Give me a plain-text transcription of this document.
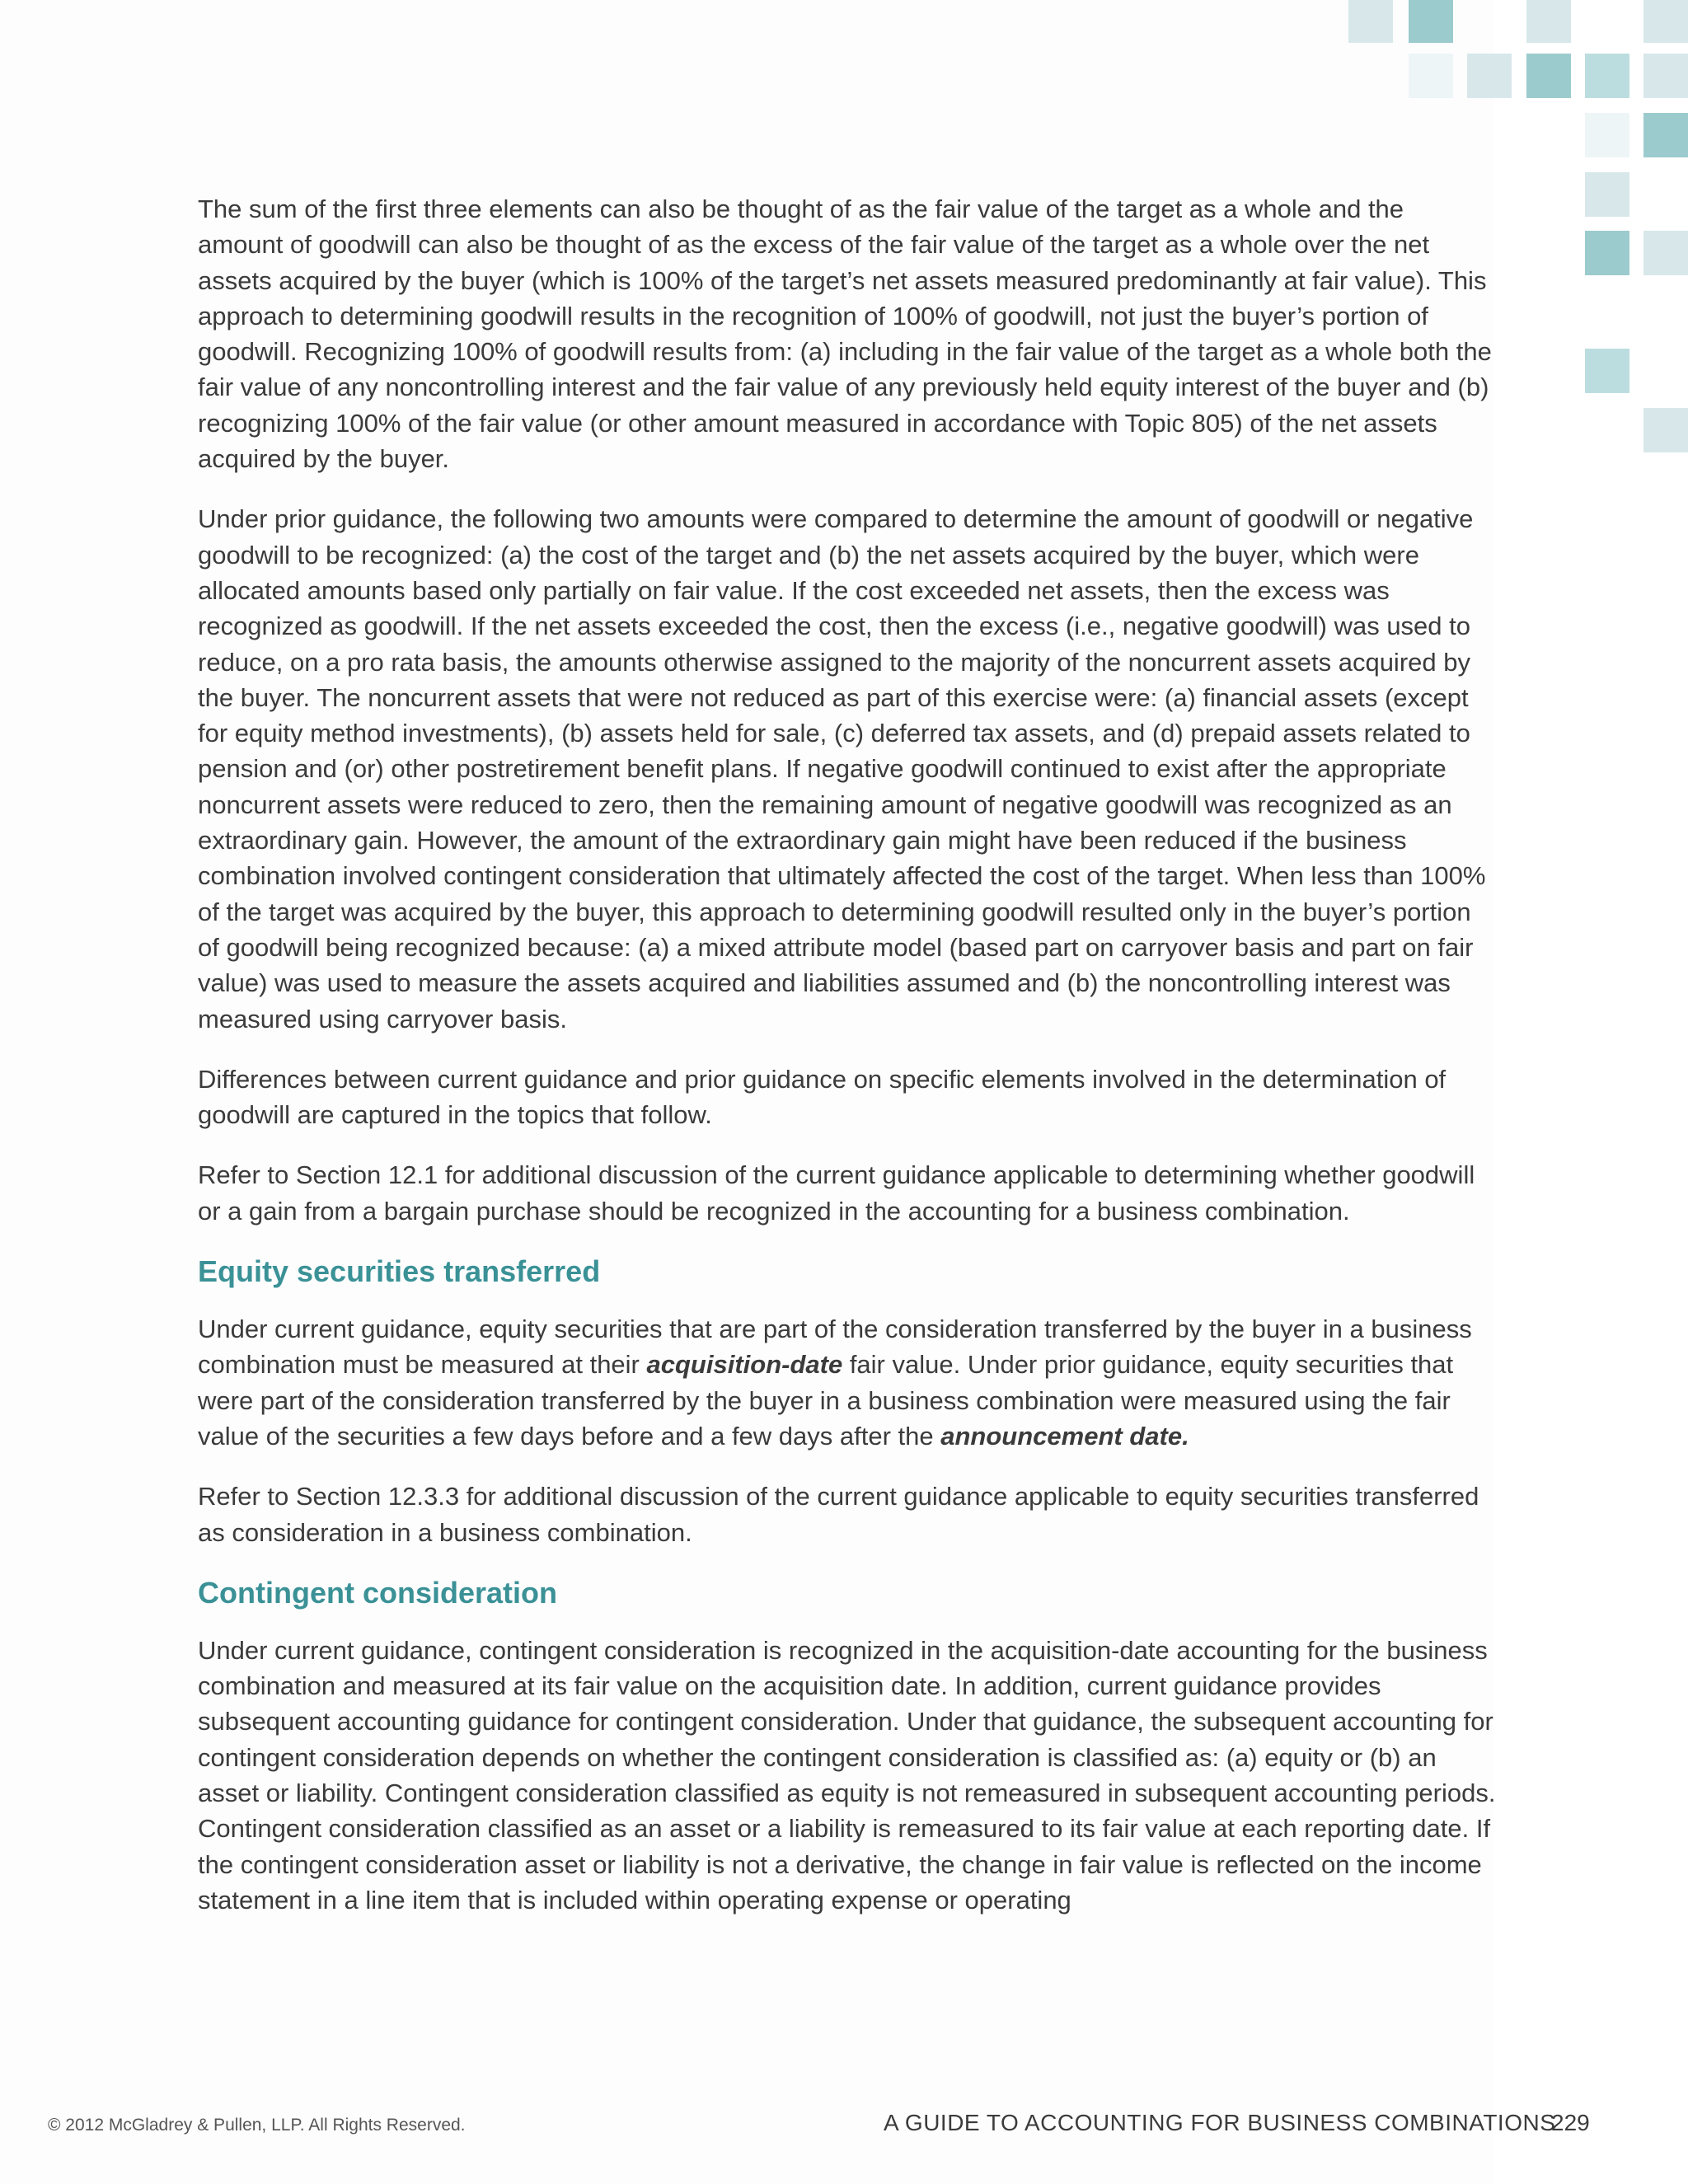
The sum of the first three elements can also be thought of as the fair value of the target as a whole and the amount of goodwill can also be thought of as the excess of the fair value of the target as a whole over the net assets acquired by the buyer (which is 100% of the target’s net assets measured predominantly at fair value). This approach to determining goodwill results in the recognition of 100% of goodwill, not just the buyer’s portion of goodwill. Recognizing 100% of goodwill results from: (a) including in the fair value of the target as a whole both the fair value of any noncontrolling interest and the fair value of any previously held equity interest of the buyer and (b) recognizing 100% of the fair value (or other amount measured in accordance with Topic 805) of the net assets acquired by the buyer.

Under prior guidance, the following two amounts were compared to determine the amount of goodwill or negative goodwill to be recognized: (a) the cost of the target and (b) the net assets acquired by the buyer, which were allocated amounts based only partially on fair value. If the cost exceeded net assets, then the excess was recognized as goodwill. If the net assets exceeded the cost, then the excess (i.e., negative goodwill) was used to reduce, on a pro rata basis, the amounts otherwise assigned to the majority of the noncurrent assets acquired by the buyer. The noncurrent assets that were not reduced as part of this exercise were: (a) financial assets (except for equity method investments), (b) assets held for sale, (c) deferred tax assets, and (d) prepaid assets related to pension and (or) other postretirement benefit plans. If negative goodwill continued to exist after the appropriate noncurrent assets were reduced to zero, then the remaining amount of negative goodwill was recognized as an extraordinary gain. However, the amount of the extraordinary gain might have been reduced if the business combination involved contingent consideration that ultimately affected the cost of the target. When less than 100% of the target was acquired by the buyer, this approach to determining goodwill resulted only in the buyer’s portion of goodwill being recognized because: (a) a mixed attribute model (based part on carryover basis and part on fair value) was used to measure the assets acquired and liabilities assumed and (b) the noncontrolling interest was measured using carryover basis.

Differences between current guidance and prior guidance on specific elements involved in the determination of goodwill are captured in the topics that follow.

Refer to Section 12.1 for additional discussion of the current guidance applicable to determining whether goodwill or a gain from a bargain purchase should be recognized in the accounting for a business combination.

Equity securities transferred

Under current guidance, equity securities that are part of the consideration transferred by the buyer in a business combination must be measured at their acquisition-date fair value. Under prior guidance, equity securities that were part of the consideration transferred by the buyer in a business combination were measured using the fair value of the securities a few days before and a few days after the announcement date.

Refer to Section 12.3.3 for additional discussion of the current guidance applicable to equity securities transferred as consideration in a business combination.

Contingent consideration

Under current guidance, contingent consideration is recognized in the acquisition-date accounting for the business combination and measured at its fair value on the acquisition date. In addition, current guidance provides subsequent accounting guidance for contingent consideration. Under that guidance, the subsequent accounting for contingent consideration depends on whether the contingent consideration is classified as: (a) equity or (b) an asset or liability. Contingent consideration classified as equity is not remeasured in subsequent accounting periods. Contingent consideration classified as an asset or a liability is remeasured to its fair value at each reporting date. If the contingent consideration asset or liability is not a derivative, the change in fair value is reflected on the income statement in a line item that is included within operating expense or operating

© 2012 McGladrey & Pullen, LLP. All Rights Reserved.	A GUIDE TO ACCOUNTING FOR BUSINESS COMBINATIONS
229
